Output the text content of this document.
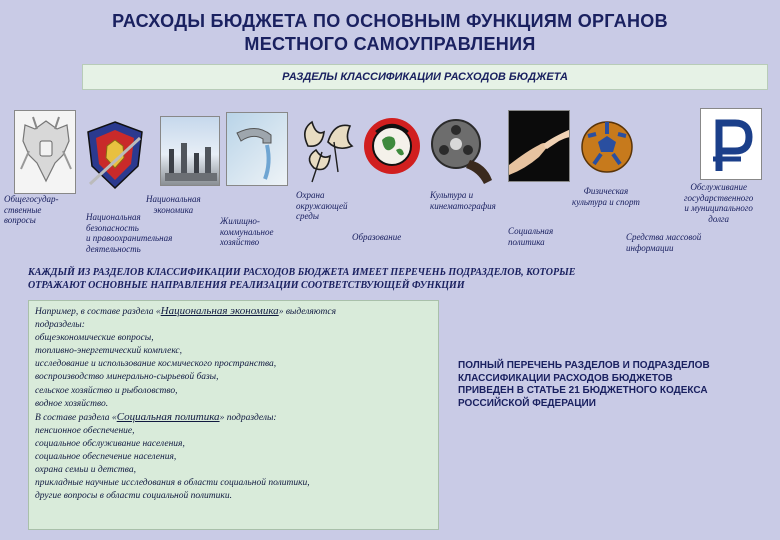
РАСХОДЫ БЮДЖЕТА ПО ОСНОВНЫМ ФУНКЦИЯМ ОРГАНОВ
МЕСТНОГО САМОУПРАВЛЕНИЯ
РАЗДЕЛЫ КЛАССИФИКАЦИИ РАСХОДОВ БЮДЖЕТА
Общегосудар-
ственные
вопросы
Национальная
экономика
Национальная
безопасность
и правоохранительная
деятельность
Жилищно-
коммунальное
хозяйство
Охрана
окружающей
среды
Образование
Культура и
кинематография
Социальная
политика
Физическая
культура и спорт
Средства массовой
информации
Обслуживание
государственного
и муниципального
долга
КАЖДЫЙ ИЗ РАЗДЕЛОВ КЛАССИФИКАЦИИ РАСХОДОВ БЮДЖЕТА ИМЕЕТ ПЕРЕЧЕНЬ ПОДРАЗДЕЛОВ, КОТОРЫЕ
ОТРАЖАЮТ ОСНОВНЫЕ НАПРАВЛЕНИЯ РЕАЛИЗАЦИИ СООТВЕТСТВУЮЩЕЙ ФУНКЦИИ
Например, в составе раздела «Национальная экономика» выделяются
подразделы:
общеэкономические вопросы,
топливно-энергетический комплекс,
исследование и использование космического пространства,
воспроизводство минерально-сырьевой базы,
сельское хозяйство и рыболовство,
водное хозяйство.
В составе раздела «Социальная политика» подразделы:
пенсионное обеспечение,
социальное обслуживание населения,
социальное обеспечение населения,
охрана семьи и детства,
прикладные научные исследования в области социальной политики,
другие вопросы в области социальной политики.
ПОЛНЫЙ ПЕРЕЧЕНЬ РАЗДЕЛОВ И ПОДРАЗДЕЛОВ
КЛАССИФИКАЦИИ РАСХОДОВ БЮДЖЕТОВ
ПРИВЕДЕН В СТАТЬЕ 21 БЮДЖЕТНОГО КОДЕКСА
РОССИЙСКОЙ ФЕДЕРАЦИИ
